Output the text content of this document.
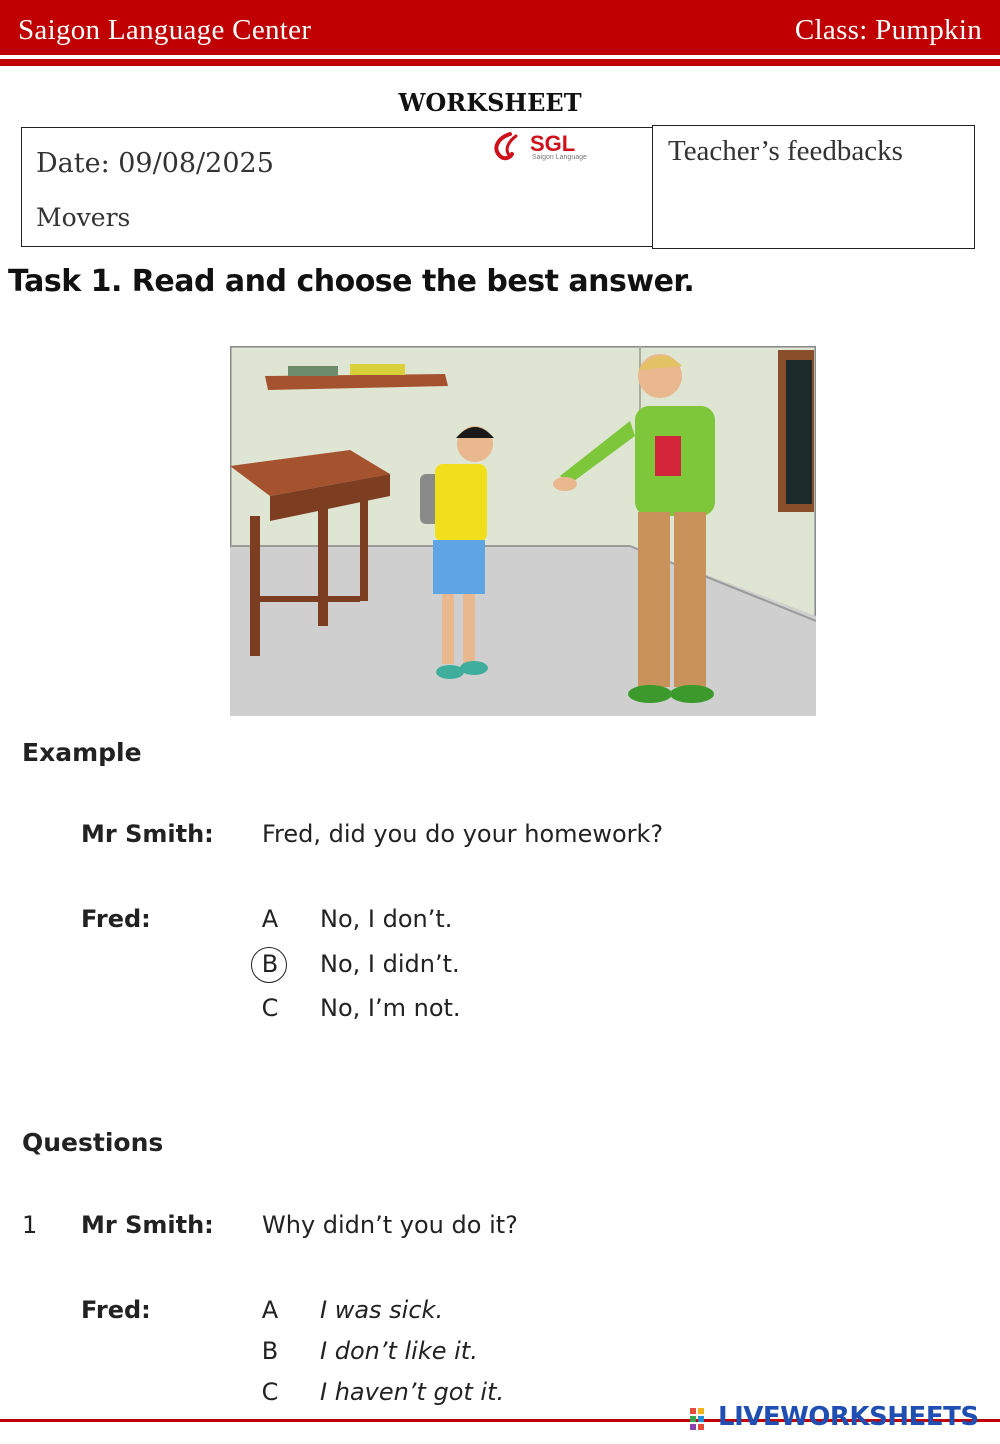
Saigon Language Center	Class: Pumpkin
WORKSHEET
Date: 09/08/2025
Movers
Teacher’s feedbacks
SGL
Saigon Language
Task 1. Read and choose the best answer.
Example
Mr Smith: Fred, did you do your homework?
Fred:	A	No, I don’t.
B	No, I didn’t.
C	No, I’m not.
Questions
1 Mr Smith: Why didn’t you do it?
Fred:	A	I was sick.
B	I don’t like it.
C	I haven’t got it.
LIVEWORKSHEETS
